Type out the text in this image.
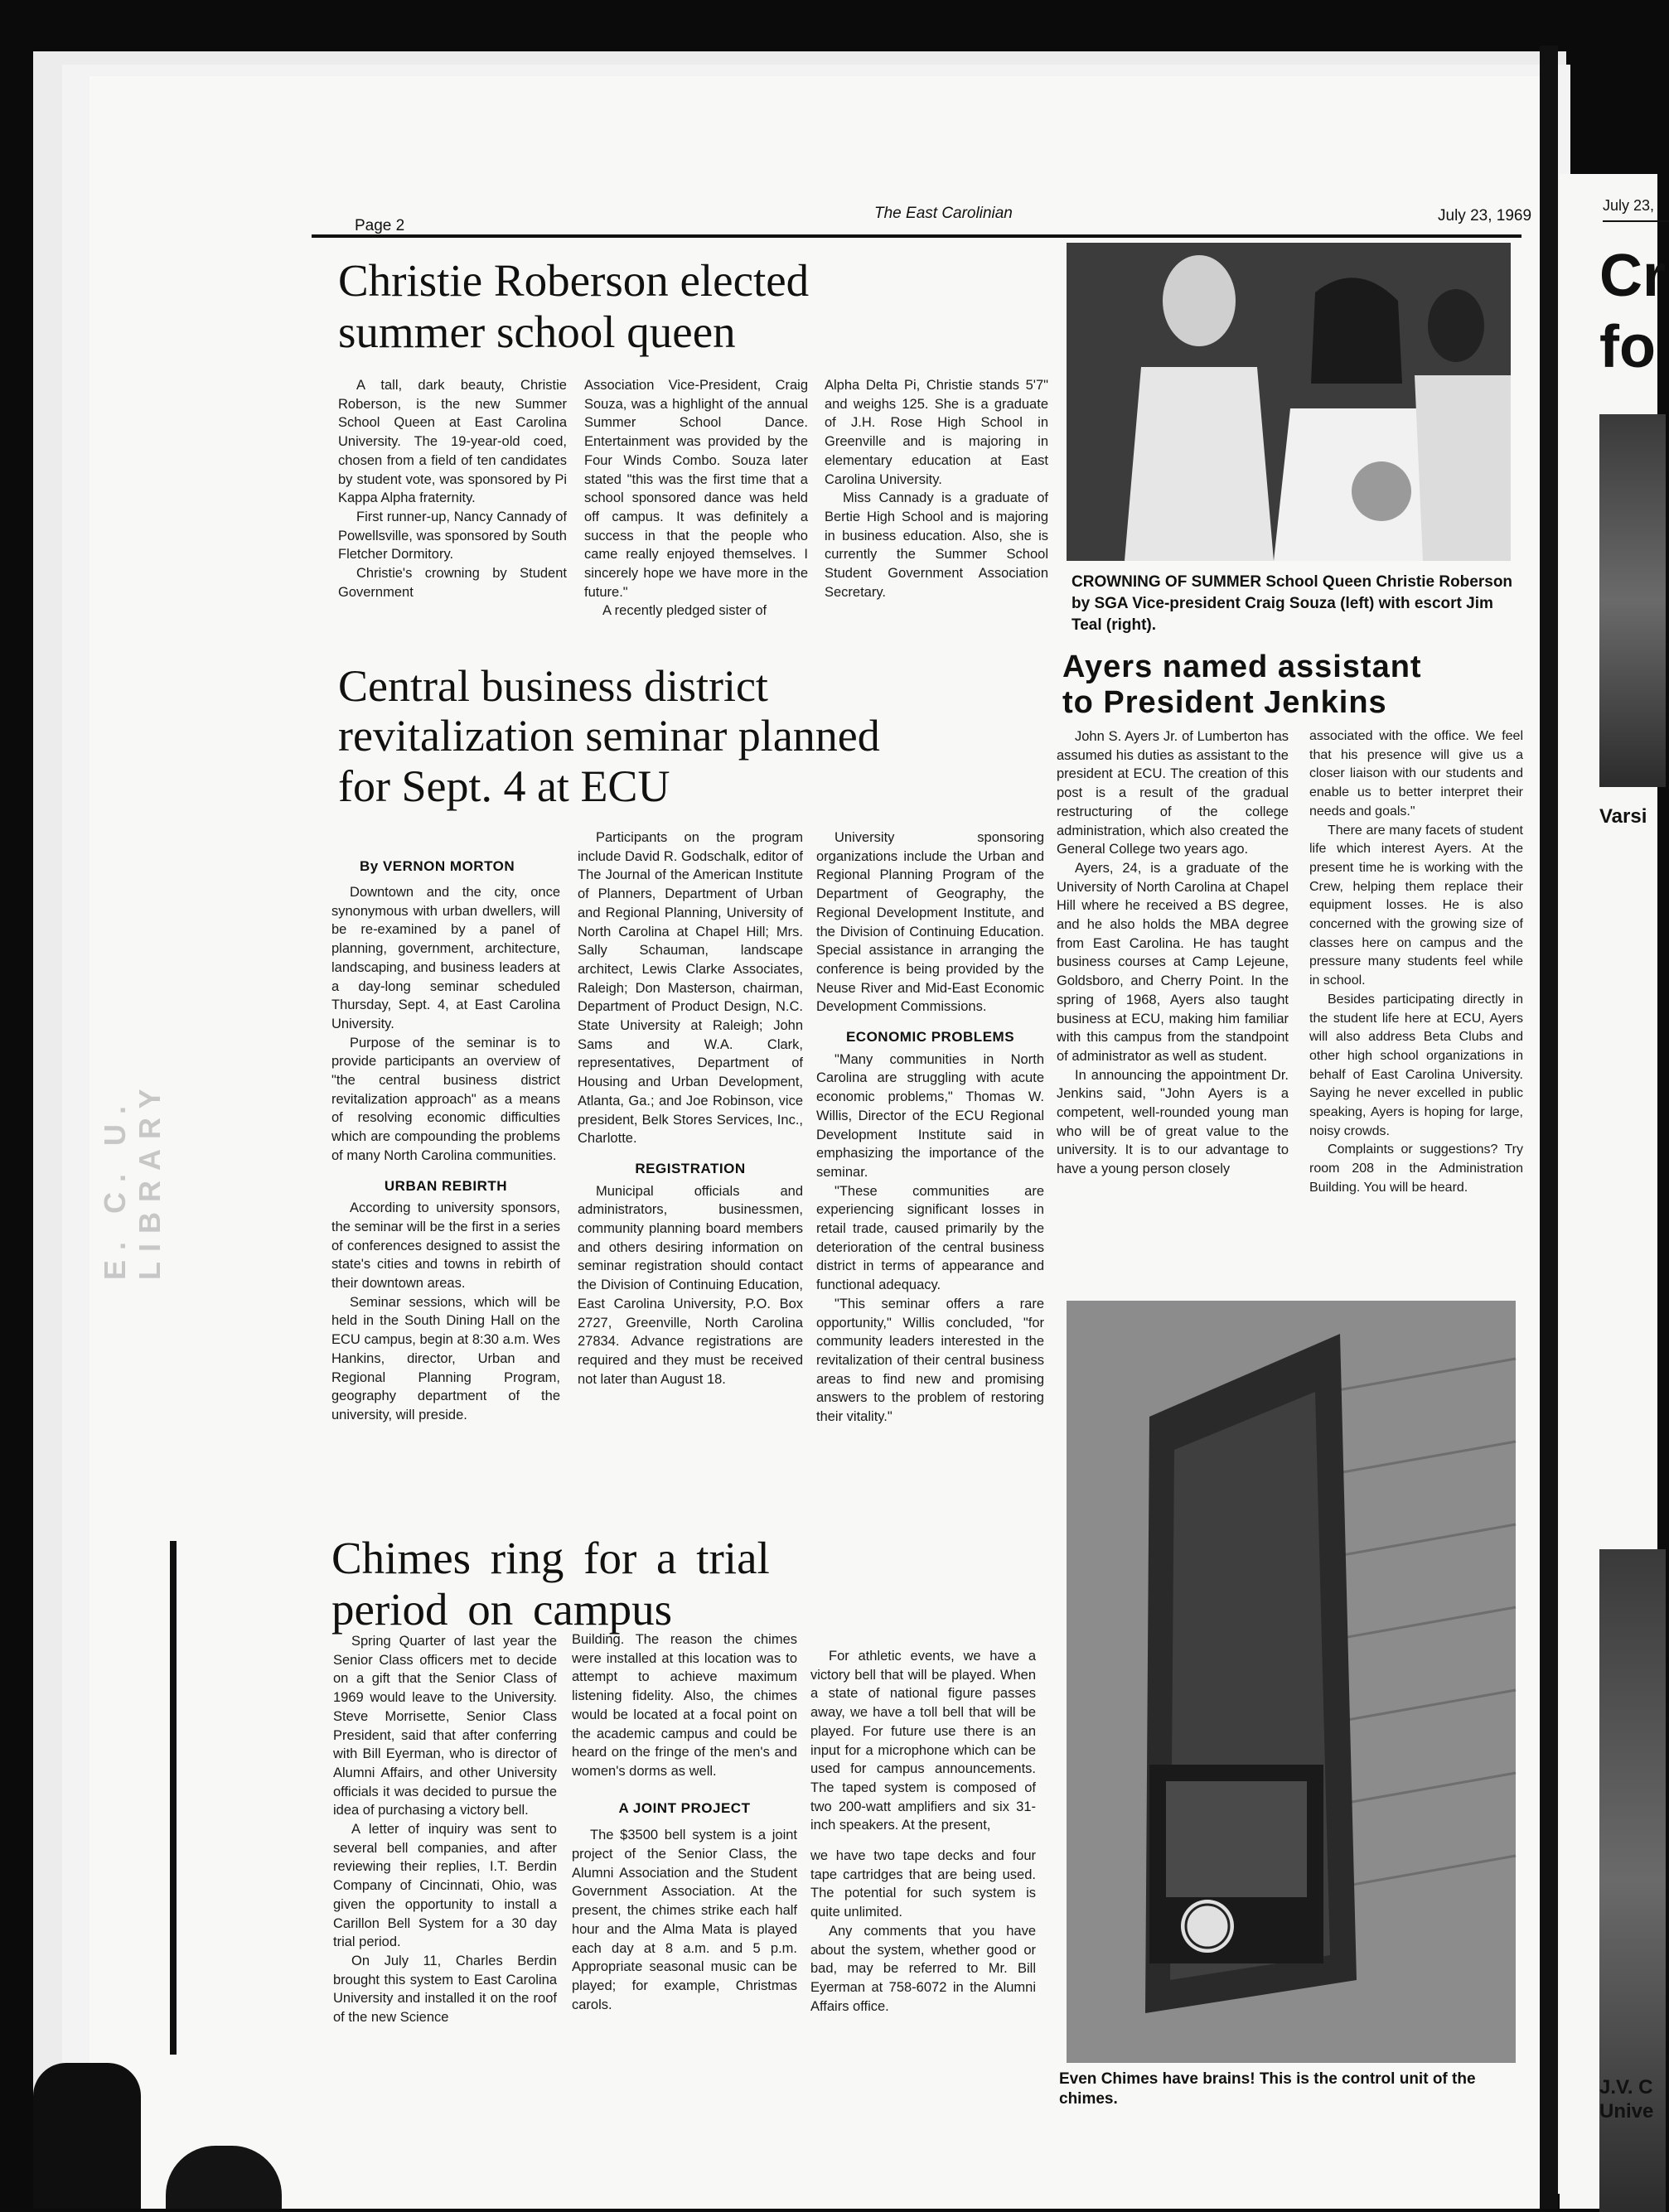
July 23,
Cr
fo
Varsi
J.V. C
Unive
E. C. U. LIBRARY
Page 2
The East Carolinian	July 23, 1969
Christie Roberson elected
summer school queen

A tall, dark beauty, Christie Roberson, is the new Summer School Queen at East Carolina University. The 19-year-old coed, chosen from a field of ten candidates by student vote, was sponsored by Pi Kappa Alpha fraternity.

First runner-up, Nancy Cannady of Powellsville, was sponsored by South Fletcher Dormitory.

Christie's crowning by Student Government

Association Vice-President, Craig Souza, was a highlight of the annual Summer School Dance. Entertainment was provided by the Four Winds Combo. Souza later stated "this was the first time that a school sponsored dance was held off campus. It was definitely a success in that the people who came really enjoyed themselves. I sincerely hope we have more in the future."

A recently pledged sister of

Alpha Delta Pi, Christie stands 5'7" and weighs 125. She is a graduate of J.H. Rose High School in Greenville and is majoring in elementary education at East Carolina University.

Miss Cannady is a graduate of Bertie High School and is majoring in business education. Also, she is currently the Summer School Student Government Association Secretary.

CROWNING OF SUMMER School Queen Christie Roberson by SGA Vice-president Craig Souza (left) with escort Jim Teal (right).
Central business district
revitalization seminar planned
for Sept. 4 at ECU
By VERNON MORTON

Downtown and the city, once synonymous with urban dwellers, will be re-examined by a panel of planning, government, architecture, landscaping, and business leaders at a day-long seminar scheduled Thursday, Sept. 4, at East Carolina University.

Purpose of the seminar is to provide participants an overview of "the central business district revitalization approach" as a means of resolving economic difficulties which are compounding the problems of many North Carolina communities.

URBAN REBIRTH

According to university sponsors, the seminar will be the first in a series of conferences designed to assist the state's cities and towns in rebirth of their downtown areas.

Seminar sessions, which will be held in the South Dining Hall on the ECU campus, begin at 8:30 a.m. Wes Hankins, director, Urban and Regional Planning Program, geography department of the university, will preside.

Participants on the program include David R. Godschalk, editor of The Journal of the American Institute of Planners, Department of Urban and Regional Planning, University of North Carolina at Chapel Hill; Mrs. Sally Schauman, landscape architect, Lewis Clarke Associates, Raleigh; Don Masterson, chairman, Department of Product Design, N.C. State University at Raleigh; John Sams and W.A. Clark, representatives, Department of Housing and Urban Development, Atlanta, Ga.; and Joe Robinson, vice president, Belk Stores Services, Inc., Charlotte.

REGISTRATION

Municipal officials and administrators, businessmen, community planning board members and others desiring information on seminar registration should contact the Division of Continuing Education, East Carolina University, P.O. Box 2727, Greenville, North Carolina 27834. Advance registrations are required and they must be received not later than August 18.

University sponsoring organizations include the Urban and Regional Planning Program of the Department of Geography, the Regional Development Institute, and the Division of Continuing Education. Special assistance in arranging the conference is being provided by the Neuse River and Mid-East Economic Development Commissions.

ECONOMIC PROBLEMS

"Many communities in North Carolina are struggling with acute economic problems," Thomas W. Willis, Director of the ECU Regional Development Institute said in emphasizing the importance of the seminar.

"These communities are experiencing significant losses in retail trade, caused primarily by the deterioration of the central business district in terms of appearance and functional adequacy.

"This seminar offers a rare opportunity," Willis concluded, "for community leaders interested in the revitalization of their central business areas to find new and promising answers to the problem of restoring their vitality."

Ayers named assistant
to President Jenkins

John S. Ayers Jr. of Lumberton has assumed his duties as assistant to the president at ECU. The creation of this post is a result of the gradual restructuring of the college administration, which also created the General College two years ago.

Ayers, 24, is a graduate of the University of North Carolina at Chapel Hill where he received a BS degree, and he also holds the MBA degree from East Carolina. He has taught business courses at Camp Lejeune, Goldsboro, and Cherry Point. In the spring of 1968, Ayers also taught business at ECU, making him familiar with this campus from the standpoint of administrator as well as student.

In announcing the appointment Dr. Jenkins said, "John Ayers is a competent, well-rounded young man who will be of great value to the university. It is to our advantage to have a young person closely

associated with the office. We feel that his presence will give us a closer liaison with our students and enable us to better interpret their needs and goals."

There are many facets of student life which interest Ayers. At the present time he is working with the Crew, helping them replace their equipment losses. He is also concerned with the growing size of classes here on campus and the pressure many students feel while in school.

Besides participating directly in the student life here at ECU, Ayers will also address Beta Clubs and other high school organizations in behalf of East Carolina University. Saying he never excelled in public speaking, Ayers is hoping for large, noisy crowds.

Complaints or suggestions? Try room 208 in the Administration Building. You will be heard.

Even Chimes have brains! This is the control unit of the chimes.
Chimes ring for a trial
period on campus

Spring Quarter of last year the Senior Class officers met to decide on a gift that the Senior Class of 1969 would leave to the University. Steve Morrisette, Senior Class President, said that after conferring with Bill Eyerman, who is director of Alumni Affairs, and other University officials it was decided to pursue the idea of purchasing a victory bell.

A letter of inquiry was sent to several bell companies, and after reviewing their replies, I.T. Berdin Company of Cincinnati, Ohio, was given the opportunity to install a Carillon Bell System for a 30 day trial period.

On July 11, Charles Berdin brought this system to East Carolina University and installed it on the roof of the new Science

Building. The reason the chimes were installed at this location was to attempt to achieve maximum listening fidelity. Also, the chimes would be located at a focal point on the academic campus and could be heard on the fringe of the men's and women's dorms as well.

A JOINT PROJECT

The $3500 bell system is a joint project of the Senior Class, the Alumni Association and the Student Government Association. At the present, the chimes strike each half hour and the Alma Mata is played each day at 8 a.m. and 5 p.m. Appropriate seasonal music can be played; for example, Christmas carols.

For athletic events, we have a victory bell that will be played. When a state of national figure passes away, we have a toll bell that will be played. For future use there is an input for a microphone which can be used for campus announcements. The taped system is composed of two 200-watt amplifiers and six 31-inch speakers. At the present,

we have two tape decks and four tape cartridges that are being used. The potential for such system is quite unlimited.

Any comments that you have about the system, whether good or bad, may be referred to Mr. Bill Eyerman at 758-6072 in the Alumni Affairs office.
